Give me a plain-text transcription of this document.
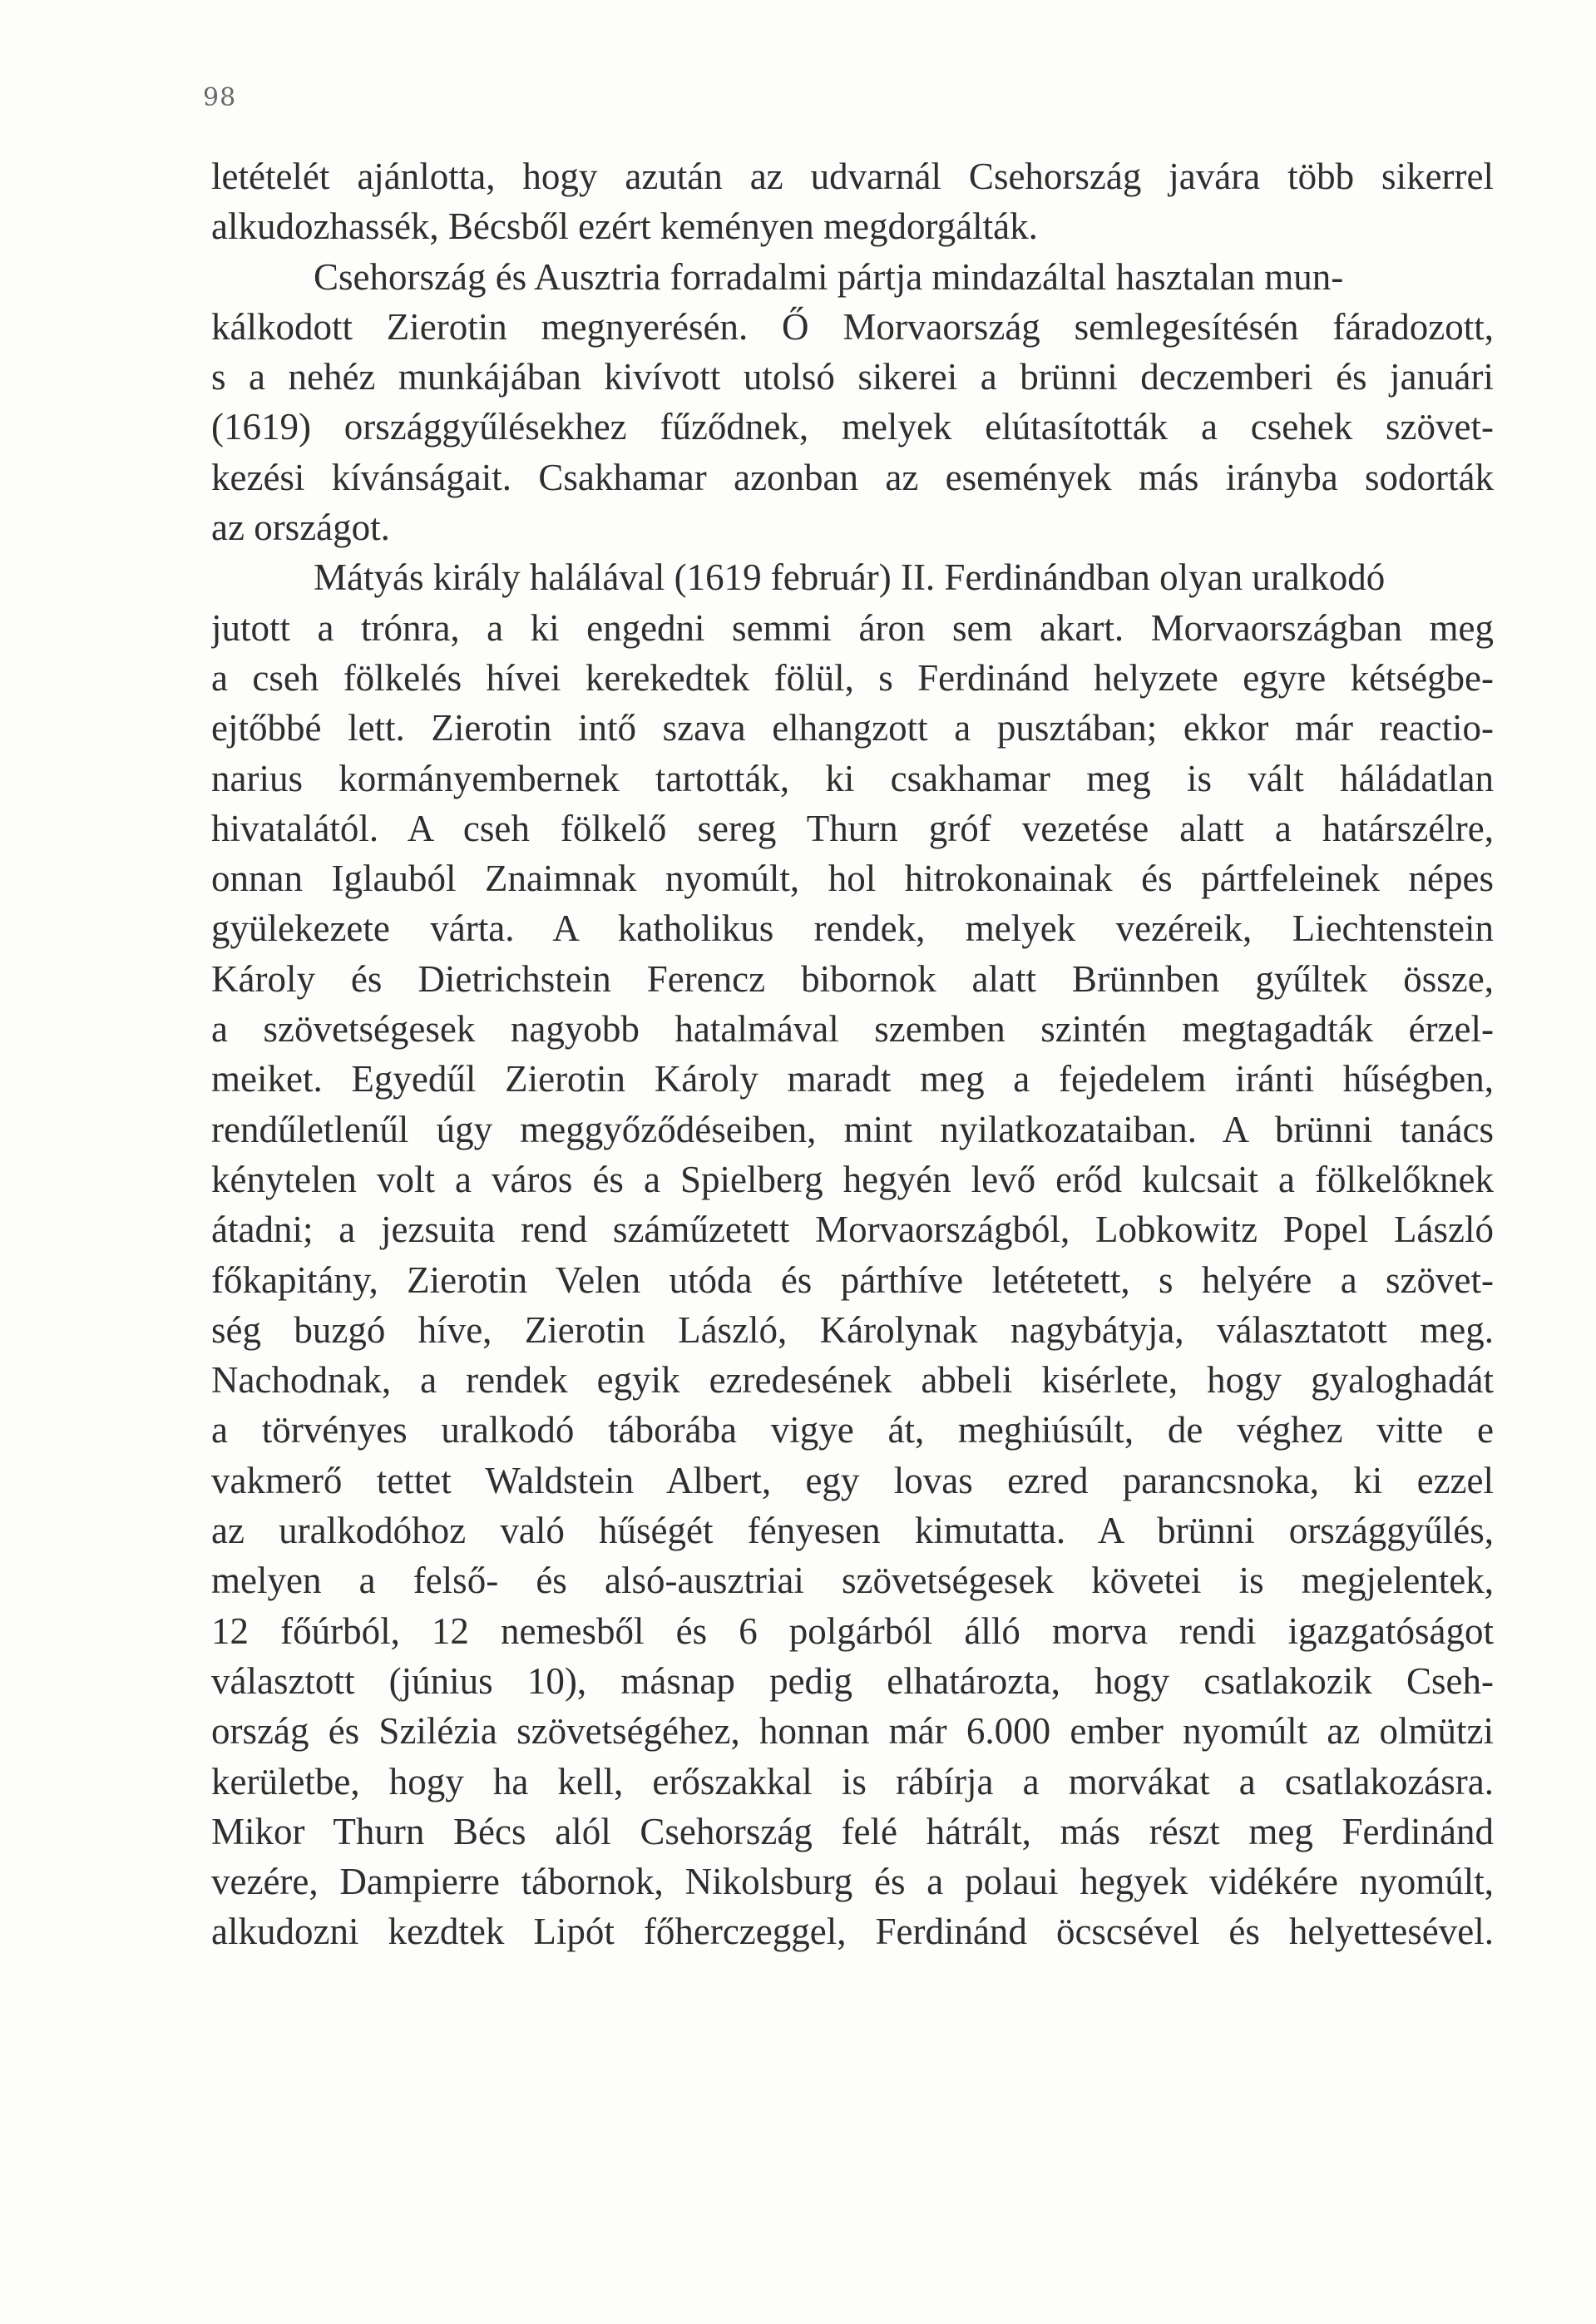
98
letételét ajánlotta, hogy azután az udvarnál Csehország javára több sikerrel
alkudozhassék, Bécsből ezért keményen megdorgálták.
Csehország és Ausztria forradalmi pártja mindazáltal hasztalan mun-
kálkodott Zierotin megnyerésén. Ő Morvaország semlegesítésén fáradozott,
s a nehéz munkájában kivívott utolsó sikerei a brünni deczemberi és januári
(1619) országgyűlésekhez fűződnek, melyek elútasították a csehek szövet-
kezési kívánságait. Csakhamar azonban az események más irányba sodorták
az országot.
Mátyás király halálával (1619 február) II. Ferdinándban olyan uralkodó
jutott a trónra, a ki engedni semmi áron sem akart. Morvaországban meg
a cseh fölkelés hívei kerekedtek fölül, s Ferdinánd helyzete egyre kétségbe-
ejtőbbé lett. Zierotin intő szava elhangzott a pusztában; ekkor már reactio-
narius kormányembernek tartották, ki csakhamar meg is vált háládatlan
hivatalától. A cseh fölkelő sereg Thurn gróf vezetése alatt a határszélre,
onnan Iglauból Znaimnak nyomúlt, hol hitrokonainak és pártfeleinek népes
gyülekezete várta. A katholikus rendek, melyek vezéreik, Liechtenstein
Károly és Dietrichstein Ferencz bibornok alatt Brünnben gyűltek össze,
a szövetségesek nagyobb hatalmával szemben szintén megtagadták érzel-
meiket. Egyedűl Zierotin Károly maradt meg a fejedelem iránti hűségben,
rendűletlenűl úgy meggyőződéseiben, mint nyilatkozataiban. A brünni tanács
kénytelen volt a város és a Spielberg hegyén levő erőd kulcsait a fölkelőknek
átadni; a jezsuita rend száműzetett Morvaországból, Lobkowitz Popel László
főkapitány, Zierotin Velen utóda és párthíve letétetett, s helyére a szövet-
ség buzgó híve, Zierotin László, Károlynak nagybátyja, választatott meg.
Nachodnak, a rendek egyik ezredesének abbeli kisérlete, hogy gyaloghadát
a törvényes uralkodó táborába vigye át, meghiúsúlt, de véghez vitte e
vakmerő tettet Waldstein Albert, egy lovas ezred parancsnoka, ki ezzel
az uralkodóhoz való hűségét fényesen kimutatta. A brünni országgyűlés,
melyen a felső- és alsó-ausztriai szövetségesek követei is megjelentek,
12 főúrból, 12 nemesből és 6 polgárból álló morva rendi igazgatóságot
választott (június 10), másnap pedig elhatározta, hogy csatlakozik Cseh-
ország és Szilézia szövetségéhez, honnan már 6.000 ember nyomúlt az olmützi
kerületbe, hogy ha kell, erőszakkal is rábírja a morvákat a csatlakozásra.
Mikor Thurn Bécs alól Csehország felé hátrált, más részt meg Ferdinánd
vezére, Dampierre tábornok, Nikolsburg és a polaui hegyek vidékére nyomúlt,
alkudozni kezdtek Lipót főherczeggel, Ferdinánd öcscsével és helyettesével.
